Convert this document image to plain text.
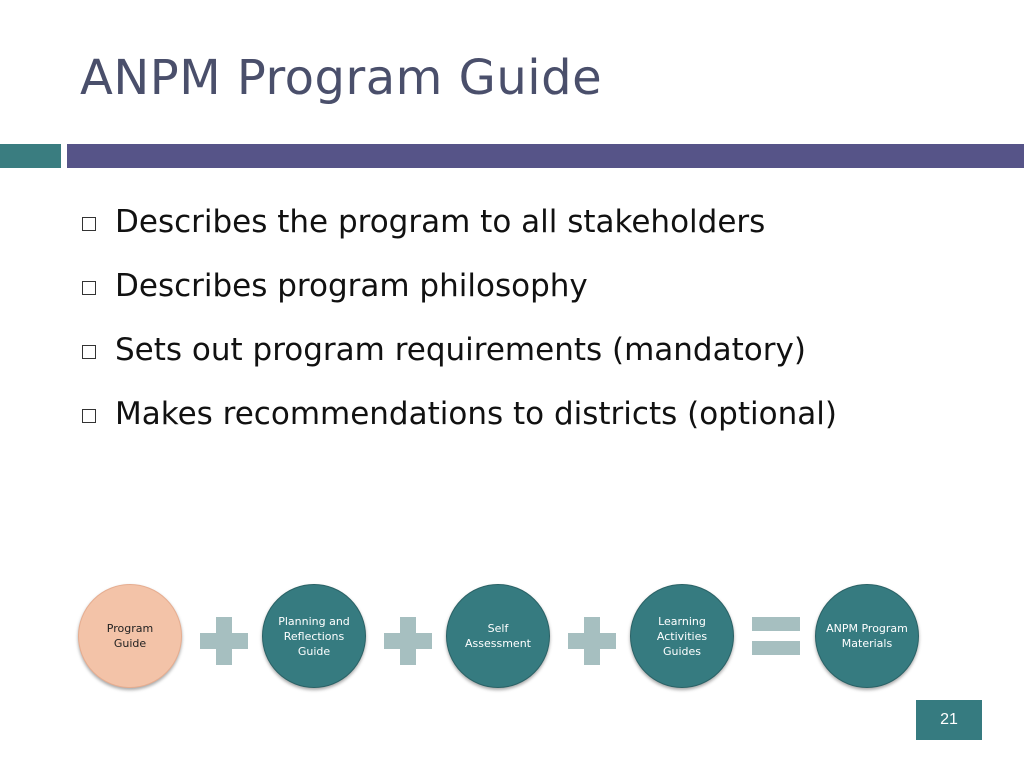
ANPM Program Guide
Describes the program to all stakeholders
Describes program philosophy
Sets out program requirements (mandatory)
Makes recommendations to districts (optional)
Program Guide
Planning and Reflections Guide
Self Assessment
Learning Activities Guides
ANPM Program Materials
21
